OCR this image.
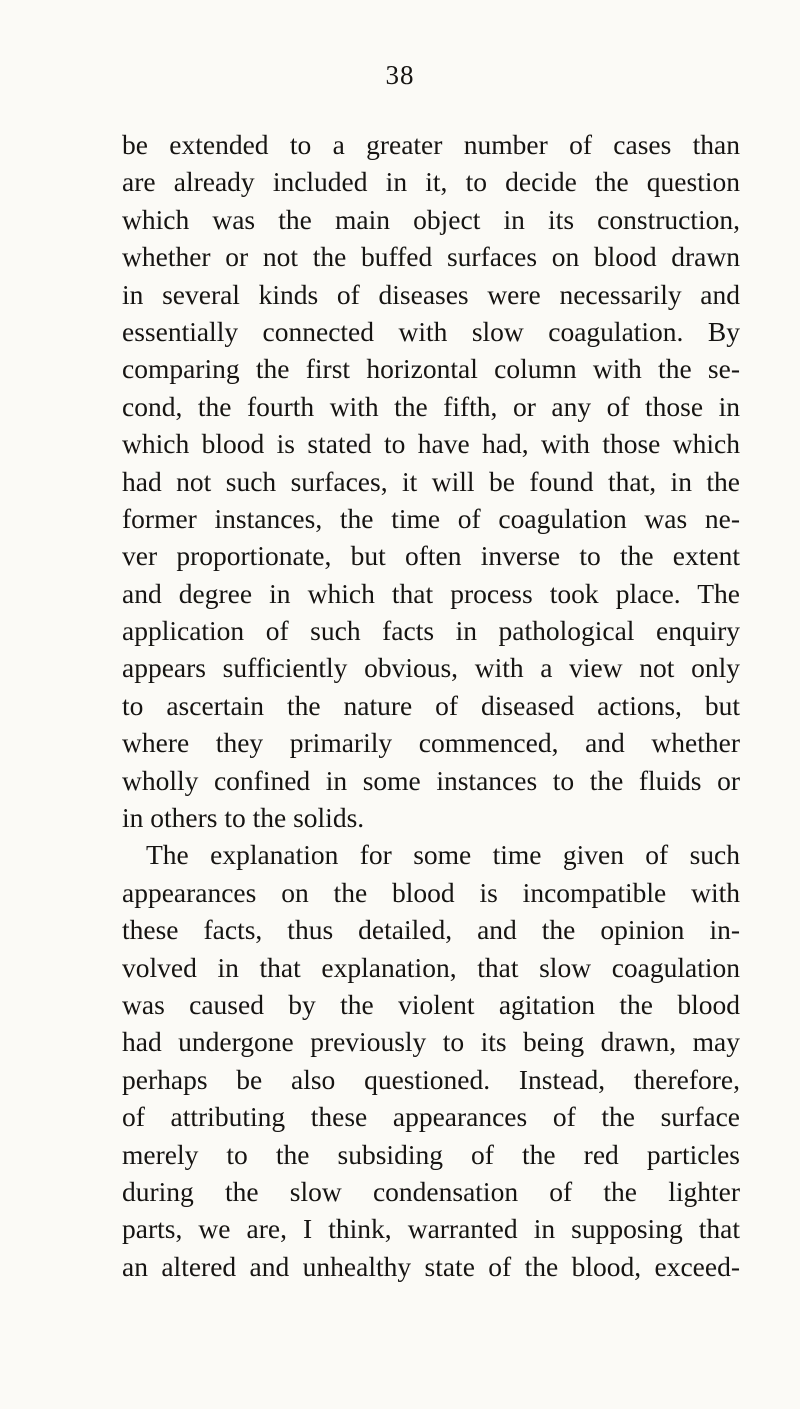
38
be extended to a greater number of cases than
are already included in it, to decide the question
which was the main object in its construction,
whether or not the buffed surfaces on blood drawn
in several kinds of diseases were necessarily and
essentially connected with slow coagulation. By
comparing the first horizontal column with the se-
cond, the fourth with the fifth, or any of those in
which blood is stated to have had, with those which
had not such surfaces, it will be found that, in the
former instances, the time of coagulation was ne-
ver proportionate, but often inverse to the extent
and degree in which that process took place. The
application of such facts in pathological enquiry
appears sufficiently obvious, with a view not only
to ascertain the nature of diseased actions, but
where they primarily commenced, and whether
wholly confined in some instances to the fluids or
in others to the solids.
The explanation for some time given of such
appearances on the blood is incompatible with
these facts, thus detailed, and the opinion in-
volved in that explanation, that slow coagulation
was caused by the violent agitation the blood
had undergone previously to its being drawn, may
perhaps be also questioned. Instead, therefore,
of attributing these appearances of the surface
merely to the subsiding of the red particles
during the slow condensation of the lighter
parts, we are, I think, warranted in supposing that
an altered and unhealthy state of the blood, exceed-
